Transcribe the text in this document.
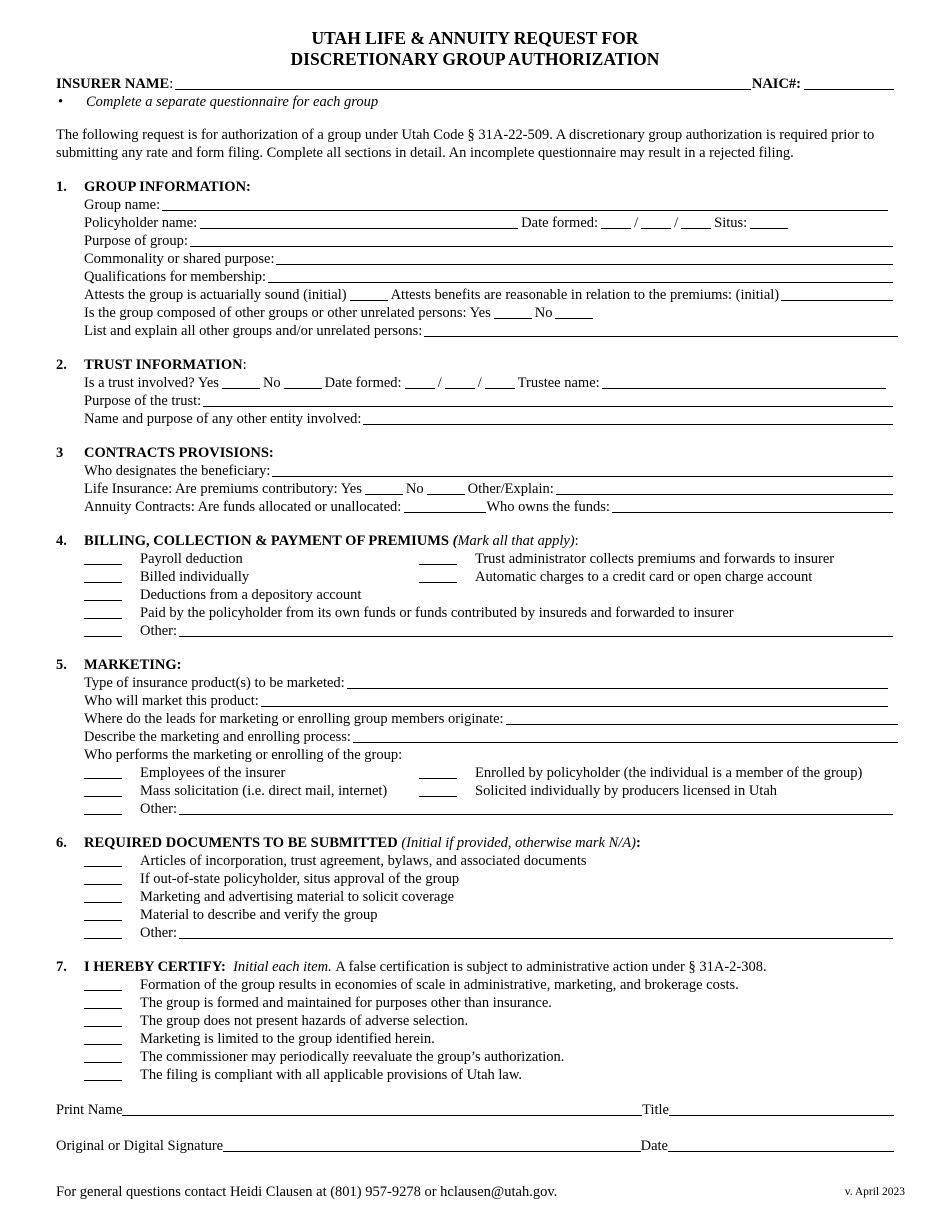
UTAH LIFE & ANNUITY REQUEST FOR
DISCRETIONARY GROUP AUTHORIZATION
INSURER NAME :	NAIC#:
•	Complete a separate questionnaire for each group
The following request is for authorization of a group under Utah Code § 31A-22-509. A discretionary group authorization is required prior to submitting any rate and form filing. Complete all sections in detail. An incomplete questionnaire may result in a rejected filing.
1.	GROUP INFORMATION:
Group name:
Policyholder name:	Date formed: / / Situs:
Purpose of group:
Commonality or shared purpose:
Qualifications for membership:
Attests the group is actuarially sound (initial)	Attests benefits are reasonable in relation to the premiums: (initial)
Is the group composed of other groups or other unrelated persons: Yes	No
List and explain all other groups and/or unrelated persons:
2.	TRUST INFORMATION :
Is a trust involved? Yes	No	Date formed: / / Trustee name:
Purpose of the trust:
Name and purpose of any other entity involved:
3	CONTRACTS PROVISIONS:
Who designates the beneficiary:
Life Insurance: Are premiums contributory: Yes	No	Other/Explain:
Annuity Contracts: Are funds allocated or unallocated:	Who owns the funds:
4.	BILLING, COLLECTION & PAYMENT OF PREMIUMS
( Mark all that apply) :
Payroll deduction	Trust administrator collects premiums and forwards to insurer
Billed individually	Automatic charges to a credit card or open charge account
Deductions from a depository account
Paid by the policyholder from its own funds or funds contributed by insureds and forwarded to insurer
Other:
5.	MARKETING:
Type of insurance product(s) to be marketed:
Who will market this product:
Where do the leads for marketing or enrolling group members originate:
Describe the marketing and enrolling process:
Who performs the marketing or enrolling of the group:
Employees of the insurer	Enrolled by policyholder (the individual is a member of the group)
Mass solicitation (i.e. direct mail, internet)	Solicited individually by producers licensed in Utah
Other:
6.	REQUIRED DOCUMENTS TO BE SUBMITTED
(Initial if provided, otherwise mark N/A) :
Articles of incorporation, trust agreement, bylaws, and associated documents
If out-of-state policyholder, situs approval of the group
Marketing and advertising material to solicit coverage
Material to describe and verify the group
Other:
7.	I HEREBY CERTIFY:
Initial each item.
A false certification is subject to administrative action under § 31A-2-308.
Formation of the group results in economies of scale in administrative, marketing, and brokerage costs.
The group is formed and maintained for purposes other than insurance.
The group does not present hazards of adverse selection.
Marketing is limited to the group identified herein.
The commissioner may periodically reevaluate the group’s authorization.
The filing is compliant with all applicable provisions of Utah law.
Print Name	Title
Original or Digital Signature	Date
For general questions contact Heidi Clausen at (801) 957-9278 or hclausen@utah.gov.	v. April 2023
